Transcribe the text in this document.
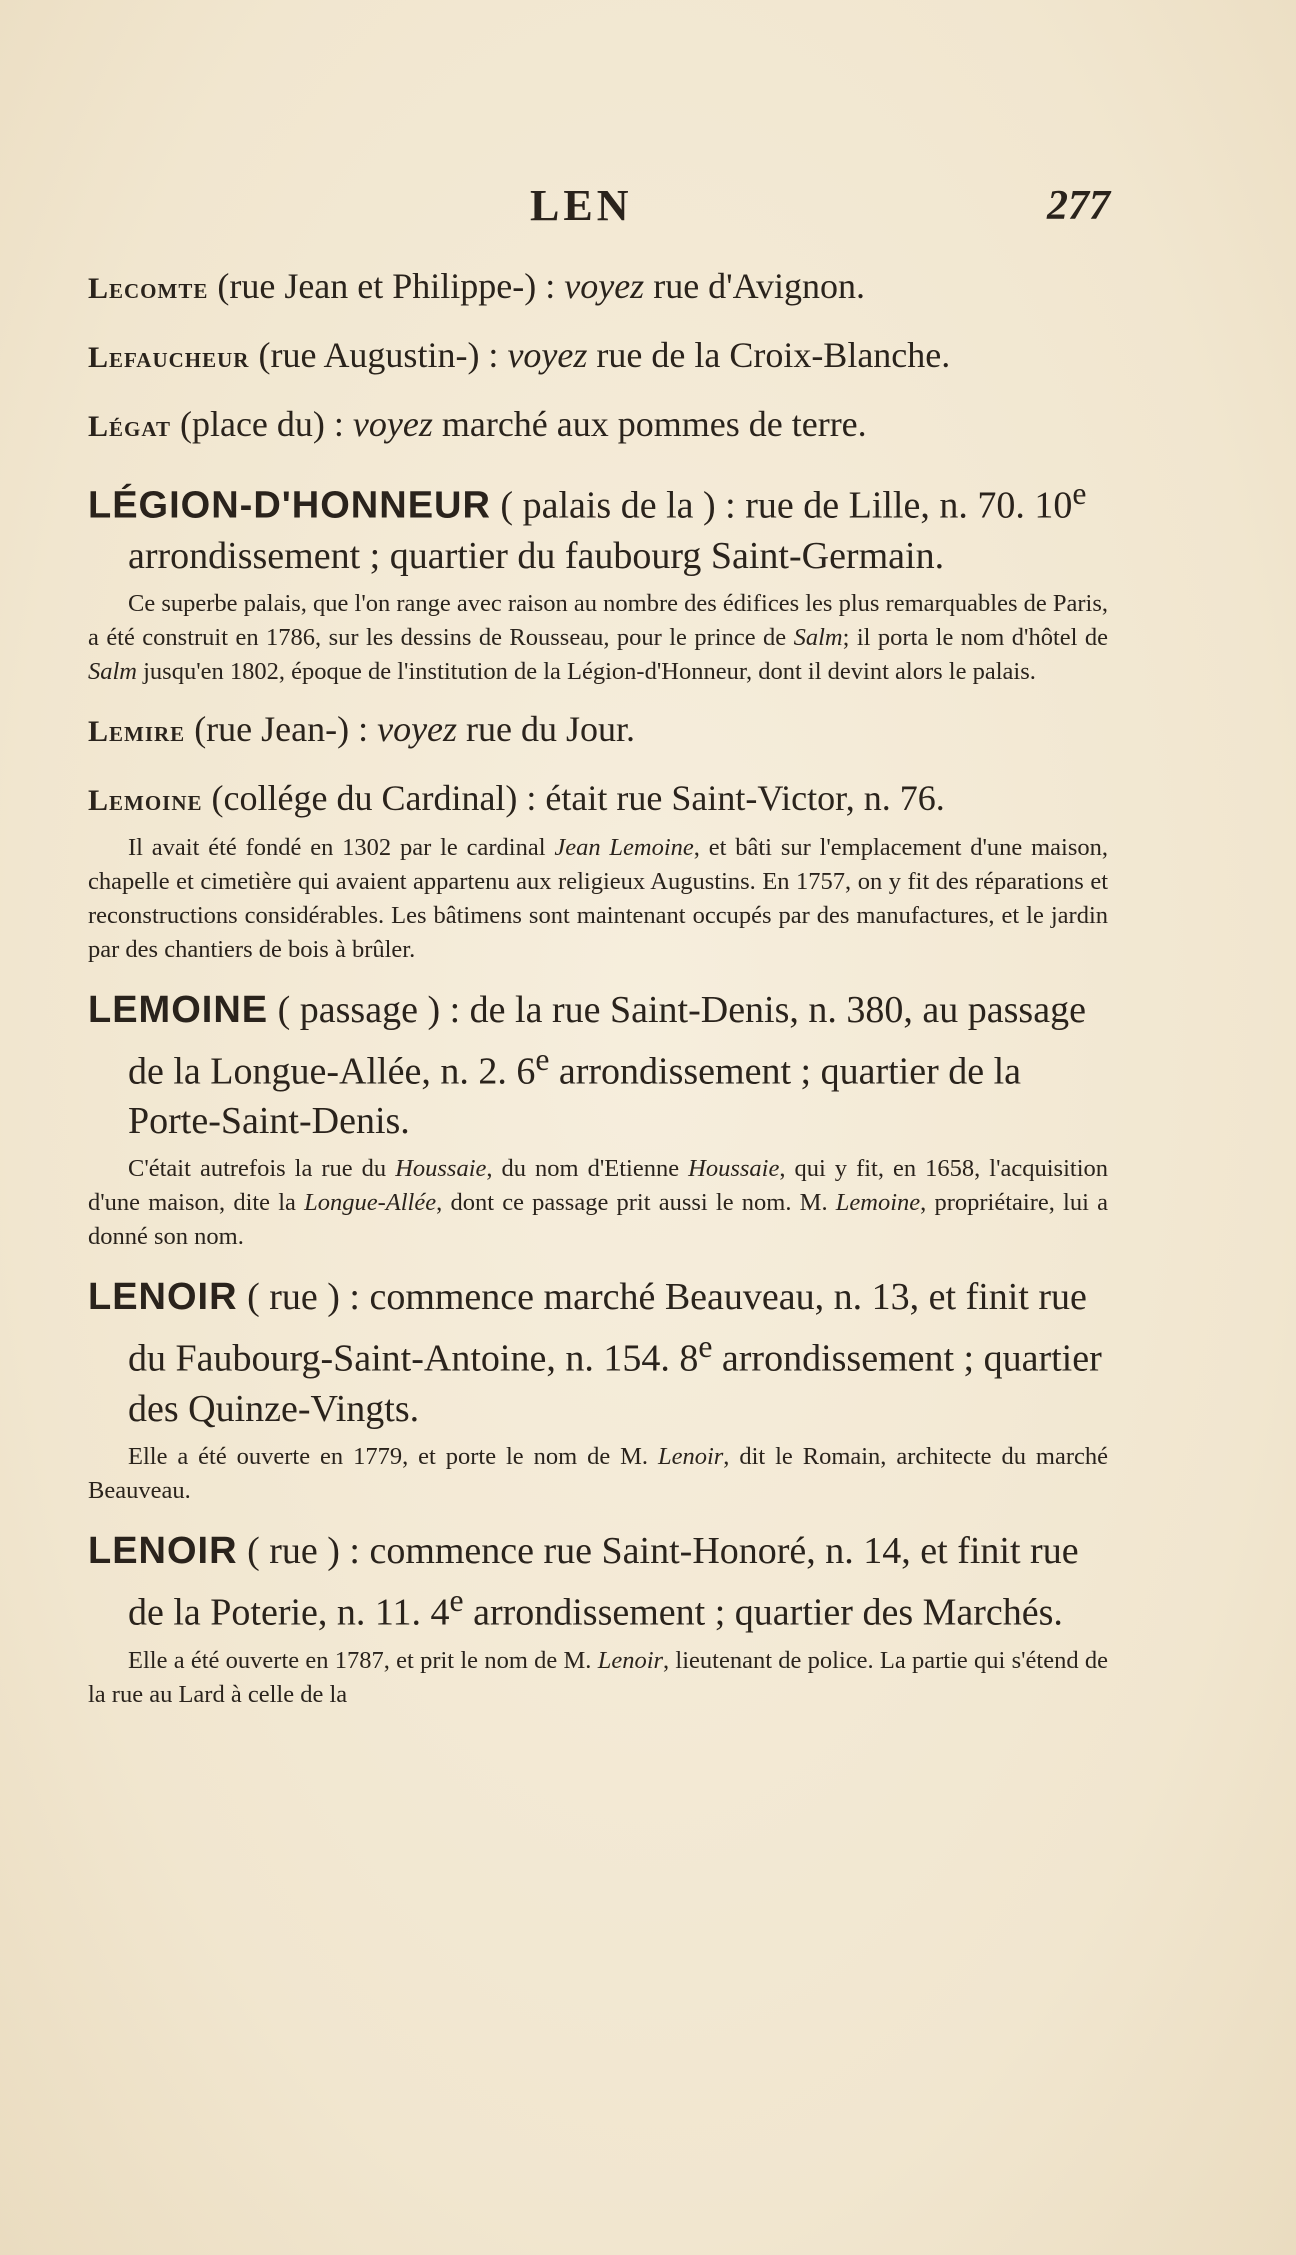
LEN	277

Lecomte (rue Jean et Philippe-) : voyez rue d'Avignon.

Lefaucheur (rue Augustin-) : voyez rue de la Croix-Blanche.

Légat (place du) : voyez marché aux pommes de terre.

LÉGION-D'HONNEUR ( palais de la ) : rue de Lille, n. 70. 10e arrondissement ; quartier du faubourg Saint-Germain.

Ce superbe palais, que l'on range avec raison au nombre des édifices les plus remarquables de Paris, a été construit en 1786, sur les dessins de Rousseau, pour le prince de Salm; il porta le nom d'hôtel de Salm jusqu'en 1802, époque de l'institution de la Légion-d'Honneur, dont il devint alors le palais.

Lemire (rue Jean-) : voyez rue du Jour.

Lemoine (collége du Cardinal) : était rue Saint-Victor, n. 76.

Il avait été fondé en 1302 par le cardinal Jean Lemoine, et bâti sur l'emplacement d'une maison, chapelle et cimetière qui avaient appartenu aux religieux Augustins. En 1757, on y fit des réparations et reconstructions considérables. Les bâtimens sont maintenant occupés par des manufactures, et le jardin par des chantiers de bois à brûler.

LEMOINE ( passage ) : de la rue Saint-Denis, n. 380, au passage de la Longue-Allée, n. 2. 6e arrondissement ; quartier de la Porte-Saint-Denis.

C'était autrefois la rue du Houssaie, du nom d'Etienne Houssaie, qui y fit, en 1658, l'acquisition d'une maison, dite la Longue-Allée, dont ce passage prit aussi le nom. M. Lemoine, propriétaire, lui a donné son nom.

LENOIR ( rue ) : commence marché Beauveau, n. 13, et finit rue du Faubourg-Saint-Antoine, n. 154. 8e arrondissement ; quartier des Quinze-Vingts.

Elle a été ouverte en 1779, et porte le nom de M. Lenoir, dit le Romain, architecte du marché Beauveau.

LENOIR ( rue ) : commence rue Saint-Honoré, n. 14, et finit rue de la Poterie, n. 11. 4e arrondissement ; quartier des Marchés.

Elle a été ouverte en 1787, et prit le nom de M. Lenoir, lieutenant de police. La partie qui s'étend de la rue au Lard à celle de la
